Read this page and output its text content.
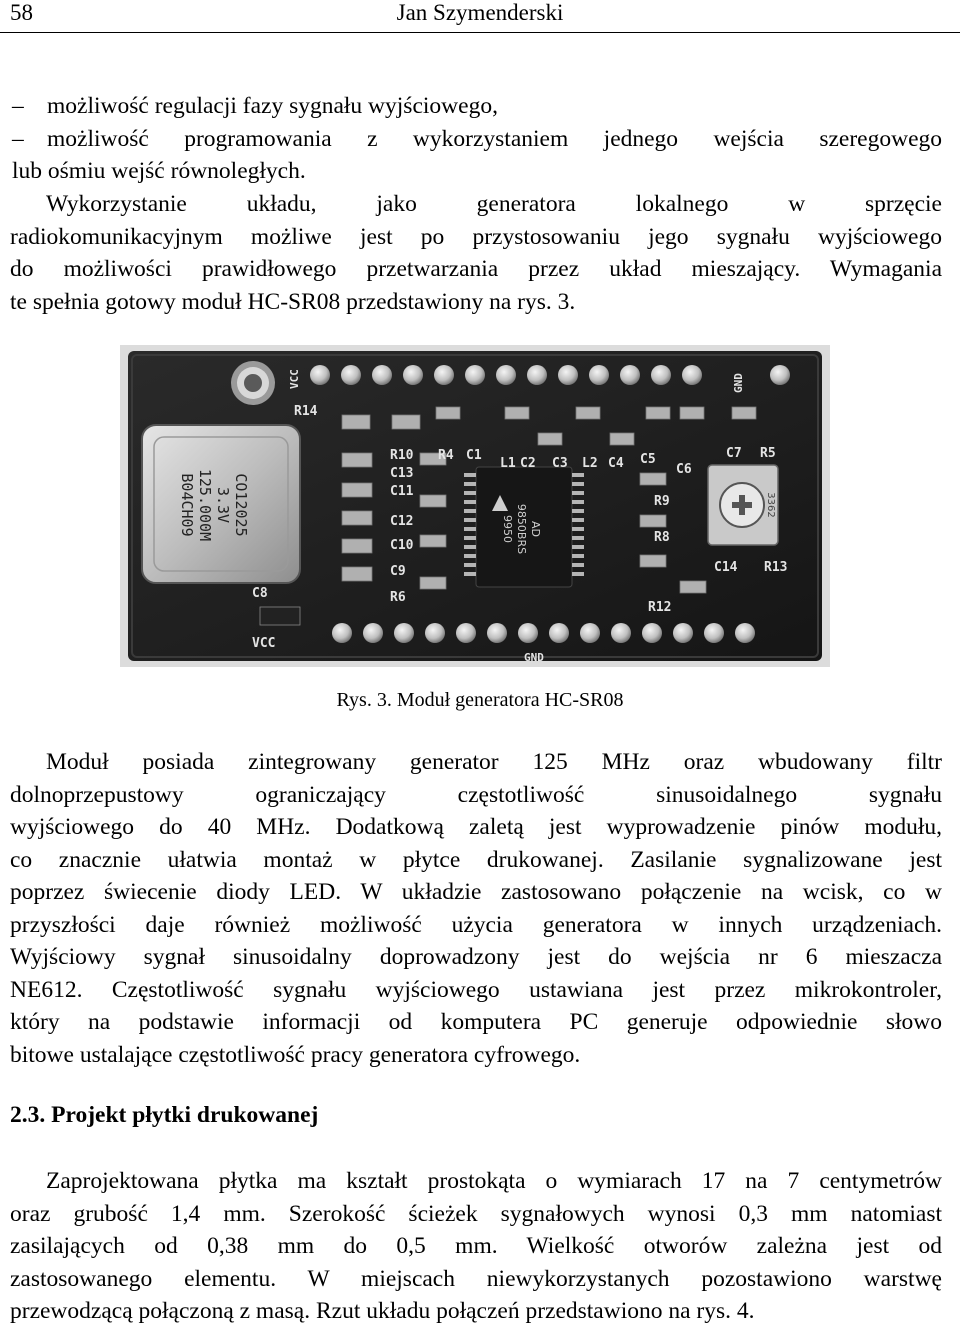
58	Jan Szymenderski
– możliwość regulacji fazy sygnału wyjściowego,
– możliwość programowania z wykorzystaniem jednego wejścia szeregowego
lub ośmiu wejść równoległych.
Wykorzystanie układu, jako generatora lokalnego w sprzęcie
radiokomunikacyjnym możliwe jest po przystosowaniu jego sygnału wyjściowego
do możliwości prawidłowego przetwarzania przez układ mieszający. Wymagania
te spełnia gotowy moduł HC-SR08 przedstawiony na rys. 3.
CO12025
3.3V
125.000M
B04CH09	AD
9850BRS
9950
3362
VCC	GND
R14
R10 R4 C1
L1 C2 C3 L2 C4 C5
C6
C7 R5
C13
C11
C12
C10
C9
R6
C8
VCC
GND
R9
R8
C14 R13
R12
Rys. 3. Moduł generatora HC-SR08
Moduł posiada zintegrowany generator 125 MHz oraz wbudowany filtr
dolnoprzepustowy ograniczający częstotliwość sinusoidalnego sygnału
wyjściowego do 40 MHz. Dodatkową zaletą jest wyprowadzenie pinów modułu,
co znacznie ułatwia montaż w płytce drukowanej. Zasilanie sygnalizowane jest
poprzez świecenie diody LED. W układzie zastosowano połączenie na wcisk, co w
przyszłości daje również możliwość użycia generatora w innych urządzeniach.
Wyjściowy sygnał sinusoidalny doprowadzony jest do wejścia nr 6 mieszacza
NE612. Częstotliwość sygnału wyjściowego ustawiana jest przez mikrokontroler,
który na podstawie informacji od komputera PC generuje odpowiednie słowo
bitowe ustalające częstotliwość pracy generatora cyfrowego.
2.3. Projekt płytki drukowanej
Zaprojektowana płytka ma kształt prostokąta o wymiarach 17 na 7 centymetrów
oraz grubość 1,4 mm. Szerokość ścieżek sygnałowych wynosi 0,3 mm natomiast
zasilających od 0,38 mm do 0,5 mm. Wielkość otworów zależna jest od
zastosowanego elementu. W miejscach niewykorzystanych pozostawiono warstwę
przewodzącą połączoną z masą. Rzut układu połączeń przedstawiono na rys. 4.
